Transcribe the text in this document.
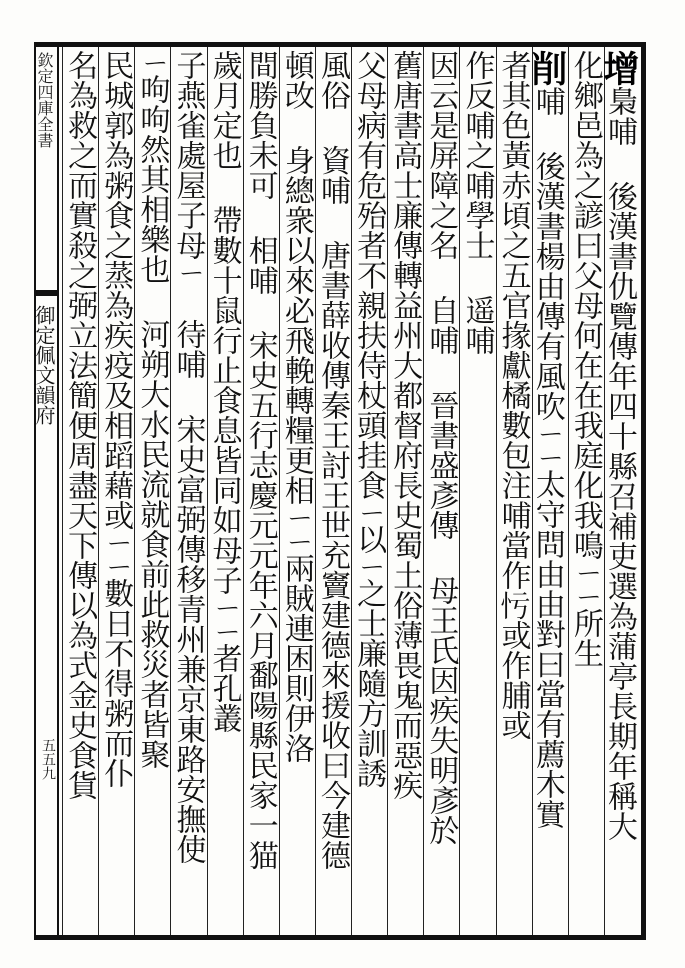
欽定四庫全書
御定佩文韻府
五五九
增梟哺 後漢書仇覽傳年四十縣召補吏選為蒲亭長期年稱大
化鄉邑為之諺曰父母何在在我庭化我鳴ㄧㄧ所生
削哺 後漢書楊由傳有風吹ㄧㄧ太守問由由對曰當有薦木實
者其色黃赤頃之五官掾獻橘數包注哺當作𢗃或作脯或
作反哺之哺學士 遥哺
因云是屏障之名 自哺 晉書盛彥傳 母王氏因疾失明彥於
舊唐書高士廉傳轉益州大都督府長史蜀土俗薄畏鬼而惡疾
父母病有危殆者不親扶侍杖頭挂食ㄧ以ㄧ之士廉隨方訓誘
風俗 資哺 唐書薛收傳秦王討王世充竇建德來援收曰今建德
頓改 身總衆以來必飛輓轉糧更相ㄧㄧ兩賊連困則伊洛
間勝負未可 相哺 宋史五行志慶元元年六月鄱陽縣民家一猫
歲月定也 帶數十鼠行止食息皆同如母子ㄧㄧ者孔叢
子燕雀處屋子母ㄧ 待哺 宋史富弼傳移青州兼京東路安撫使
ㄧ呴呴然其相樂也 河朔大水民流就食前此救災者皆聚
民城郭為粥食之蒸為疾疫及相蹈藉或ㄧㄧ數日不得粥而仆
名為救之而實殺之弼立法簡便周盡天下傳以為式金史食貨
